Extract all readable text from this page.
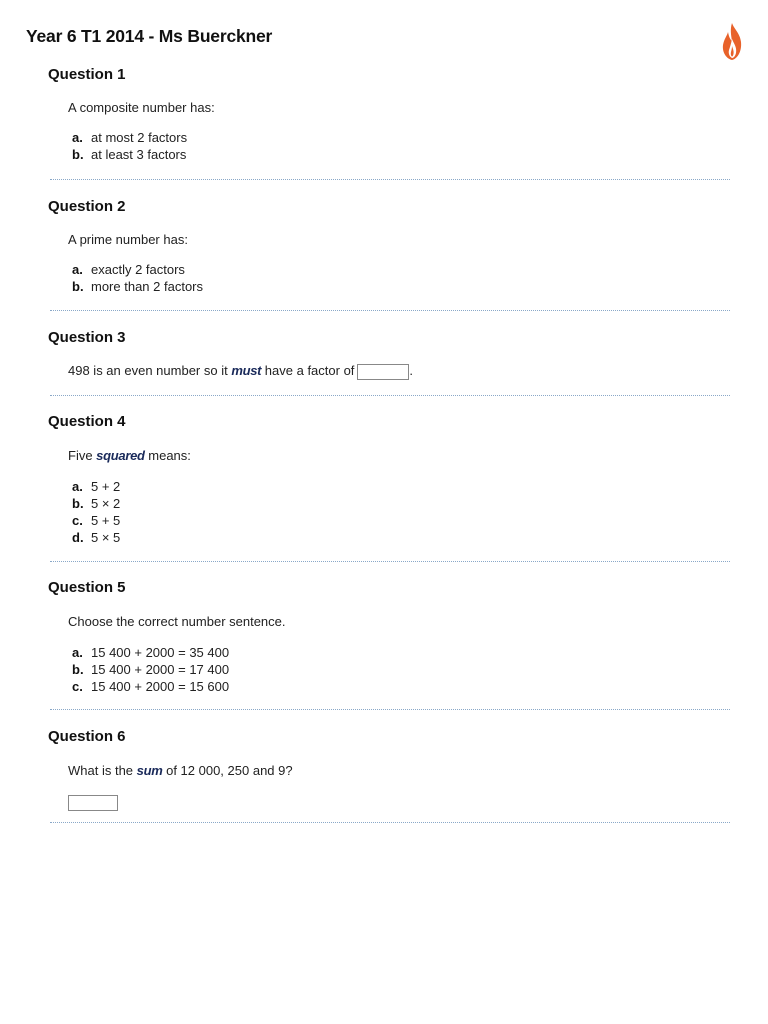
Year 6 T1 2014 - Ms Buerckner
Question 1
A composite number has:
a. at most 2 factors
b. at least 3 factors
Question 2
A prime number has:
a. exactly 2 factors
b. more than 2 factors
Question 3
498 is an even number so it must have a factor of	.
Question 4
Five squared means:
a. 5 + 2
b. 5 × 2
c. 5 + 5
d. 5 × 5
Question 5
Choose the correct number sentence.
a. 15 400 + 2000 = 35 400
b. 15 400 + 2000 = 17 400
c. 15 400 + 2000 = 15 600
Question 6
What is the sum of 12 000, 250 and 9?
